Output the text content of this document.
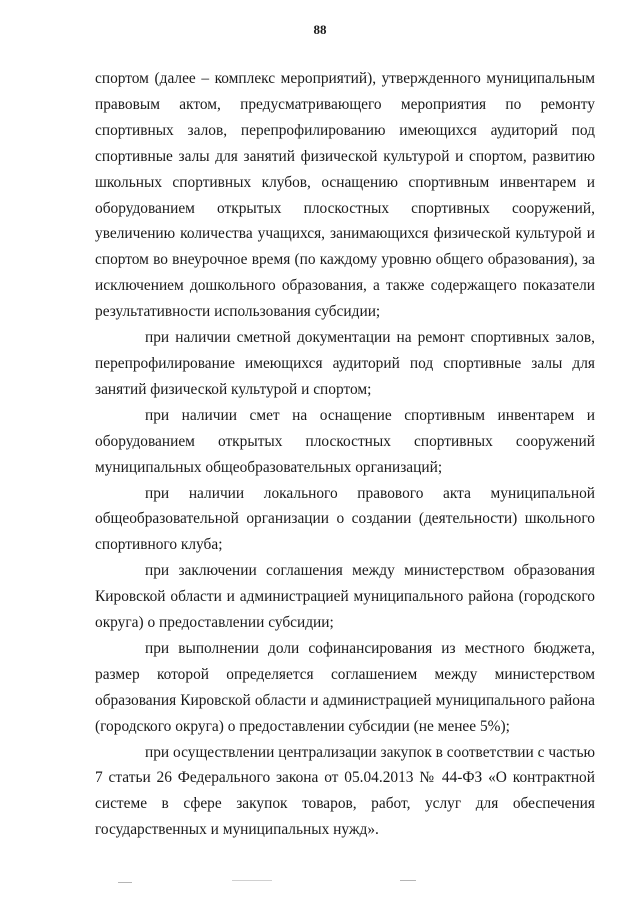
88

спортом (далее – комплекс мероприятий), утвержденного муниципальным правовым актом, предусматривающего мероприятия по ремонту спортивных залов, перепрофилированию имеющихся аудиторий под спортивные залы для занятий физической культурой и спортом, развитию школьных спортивных клубов, оснащению спортивным инвентарем и оборудованием открытых плоскостных спортивных сооружений, увеличению количества учащихся, занимающихся физической культурой и спортом во внеурочное время (по каждому уровню общего образования), за исключением дошкольного образования, а также содержащего показатели результативности использования субсидии;

при наличии сметной документации на ремонт спортивных залов, перепрофилирование имеющихся аудиторий под спортивные залы для занятий физической культурой и спортом;

при наличии смет на оснащение спортивным инвентарем и оборудованием открытых плоскостных спортивных сооружений муниципальных общеобразовательных организаций;

при наличии локального правового акта муниципальной общеобразовательной организации о создании (деятельности) школьного спортивного клуба;

при заключении соглашения между министерством образования Кировской области и администрацией муниципального района (городского округа) о предоставлении субсидии;

при выполнении доли софинансирования из местного бюджета, размер которой определяется соглашением между министерством образования Кировской области и администрацией муниципального района (городского округа) о предоставлении субсидии (не менее 5%);

при осуществлении централизации закупок в соответствии с частью 7 статьи 26 Федерального закона от 05.04.2013 № 44-ФЗ «О контрактной системе в сфере закупок товаров, работ, услуг для обеспечения государственных и муниципальных нужд».
